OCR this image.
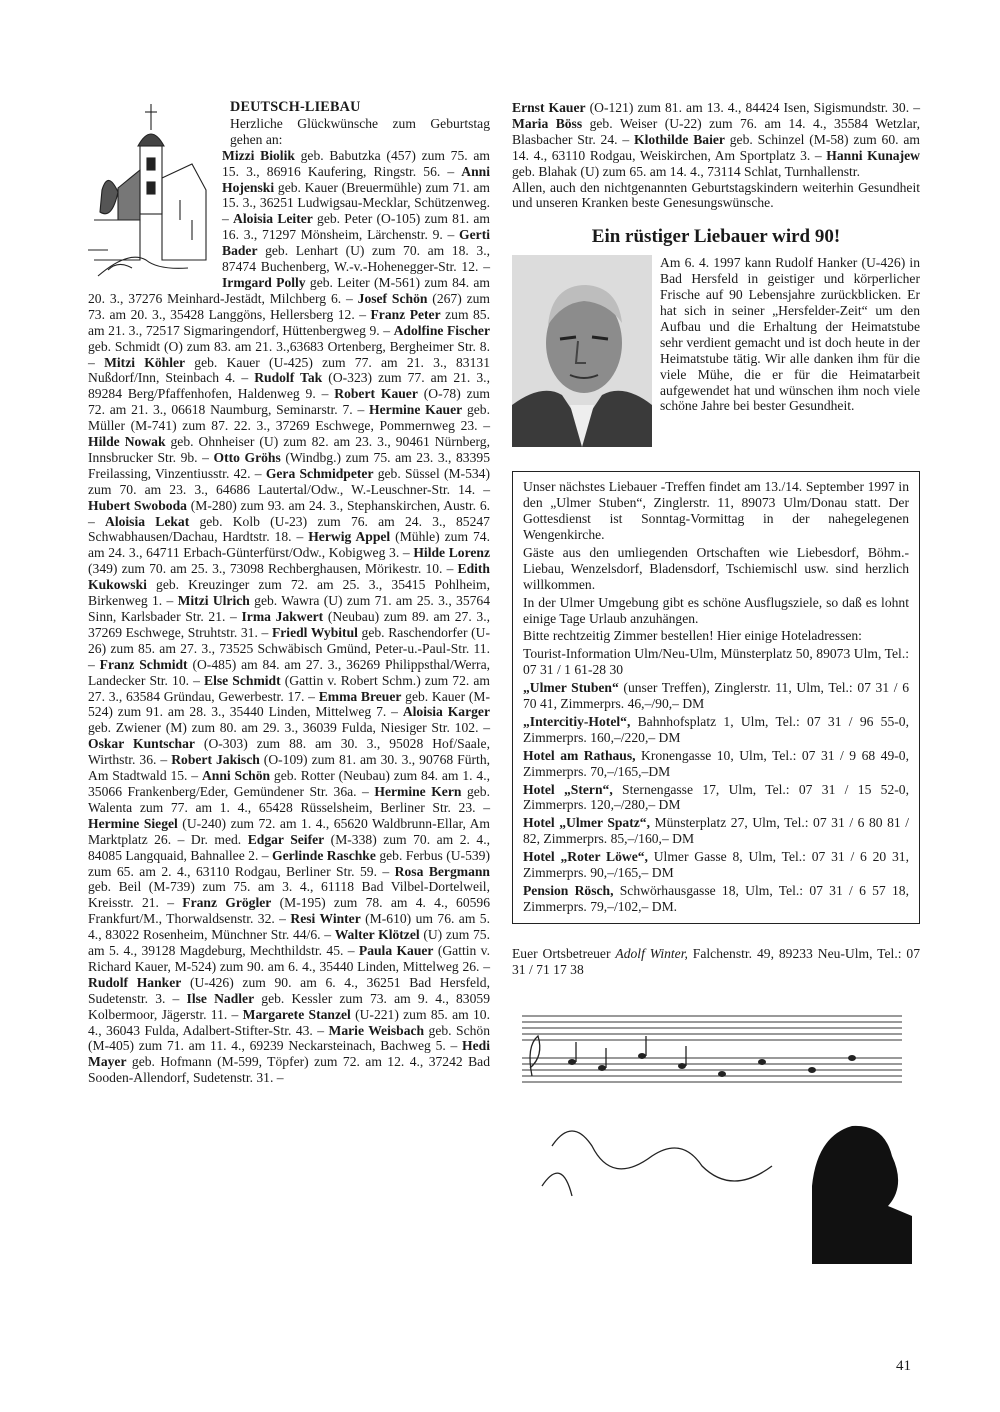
DEUTSCH-LIEBAU

Herzliche Glückwünsche zum Geburtstag gehen an:

Mizzi Biolik geb. Babutzka (457) zum 75. am 15. 3., 86916 Kaufering, Ringstr. 56. – Anni Hojenski geb. Kauer (Breuermühle) zum 71. am 15. 3., 36251 Ludwigsau-Mecklar, Schützenweg. – Aloisia Leiter geb. Peter (O-105) zum 81. am 16. 3., 71297 Mönsheim, Lärchenstr. 9. – Gerti Bader geb. Lenhart (U) zum 70. am 18. 3., 87474 Buchenberg, W.-v.-Hohenegger-Str. 12. – Irmgard Polly geb. Leiter (M-561) zum 84. am 20. 3., 37276 Meinhard-Jestädt, Milchberg 6. – Josef Schön (267) zum 73. am 20. 3., 35428 Langgöns, Hellersberg 12. – Franz Peter zum 85. am 21. 3., 72517 Sigmaringendorf, Hüttenbergweg 9. – Adolfine Fischer geb. Schmidt (O) zum 83. am 21. 3.,63683 Ortenberg, Bergheimer Str. 8. – Mitzi Köhler geb. Kauer (U-425) zum 77. am 21. 3., 83131 Nußdorf/Inn, Steinbach 4. – Rudolf Tak (O-323) zum 77. am 21. 3., 89284 Berg/Pfaffenhofen, Haldenweg 9. – Robert Kauer (O-78) zum 72. am 21. 3., 06618 Naumburg, Seminarstr. 7. – Hermine Kauer geb. Müller (M-741) zum 87. 22. 3., 37269 Eschwege, Pommernweg 23. – Hilde Nowak geb. Ohnheiser (U) zum 82. am 23. 3., 90461 Nürnberg, Innsbrucker Str. 9b. – Otto Gröhs (Windbg.) zum 75. am 23. 3., 83395 Freilassing, Vinzentiusstr. 42. – Gera Schmidpeter geb. Süssel (M-534) zum 70. am 23. 3., 64686 Lautertal/Odw., W.-Leuschner-Str. 14. – Hubert Swoboda (M-280) zum 93. am 24. 3., Stephanskirchen, Austr. 6. – Aloisia Lekat geb. Kolb (U-23) zum 76. am 24. 3., 85247 Schwabhausen/Dachau, Hardtstr. 18. – Herwig Appel (Mühle) zum 74. am 24. 3., 64711 Erbach-Günterfürst/Odw., Kobigweg 3. – Hilde Lorenz (349) zum 70. am 25. 3., 73098 Rechberghausen, Mörikestr. 10. – Edith Kukowski geb. Kreuzinger zum 72. am 25. 3., 35415 Pohlheim, Birkenweg 1. – Mitzi Ulrich geb. Wawra (U) zum 71. am 25. 3., 35764 Sinn, Karlsbader Str. 21. – Irma Jakwert (Neubau) zum 89. am 27. 3., 37269 Eschwege, Struhtstr. 31. – Friedl Wybitul geb. Raschendorfer (U-26) zum 85. am 27. 3., 73525 Schwäbisch Gmünd, Peter-u.-Paul-Str. 11. – Franz Schmidt (O-485) am 84. am 27. 3., 36269 Philippsthal/Werra, Landecker Str. 10. – Else Schmidt (Gattin v. Robert Schm.) zum 72. am 27. 3., 63584 Gründau, Gewerbestr. 17. – Emma Breuer geb. Kauer (M-524) zum 91. am 28. 3., 35440 Linden, Mittelweg 7. – Aloisia Karger geb. Zwiener (M) zum 80. am 29. 3., 36039 Fulda, Niesiger Str. 102. – Oskar Kuntschar (O-303) zum 88. am 30. 3., 95028 Hof/Saale, Wirthstr. 36. – Robert Jakisch (O-109) zum 81. am 30. 3., 90768 Fürth, Am Stadtwald 15. – Anni Schön geb. Rotter (Neubau) zum 84. am 1. 4., 35066 Frankenberg/Eder, Gemündener Str. 36a. – Hermine Kern geb. Walenta zum 77. am 1. 4., 65428 Rüsselsheim, Berliner Str. 23. – Hermine Siegel (U-240) zum 72. am 1. 4., 65620 Waldbrunn-Ellar, Am Marktplatz 26. – Dr. med. Edgar Seifer (M-338) zum 70. am 2. 4., 84085 Langquaid, Bahnallee 2. – Gerlinde Raschke geb. Ferbus (U-539) zum 65. am 2. 4., 63110 Rodgau, Berliner Str. 59. – Rosa Bergmann geb. Beil (M-739) zum 75. am 3. 4., 61118 Bad Vilbel-Dortelweil, Kreisstr. 21. – Franz Grögler (M-195) zum 78. am 4. 4., 60596 Frankfurt/M., Thorwaldsenstr. 32. – Resi Winter (M-610) um 76. am 5. 4., 83022 Rosenheim, Münchner Str. 44/6. – Walter Klötzel (U) zum 75. am 5. 4., 39128 Magdeburg, Mechthildstr. 45. – Paula Kauer (Gattin v. Richard Kauer, M-524) zum 90. am 6. 4., 35440 Linden, Mittelweg 26. – Rudolf Hanker (U-426) zum 90. am 6. 4., 36251 Bad Hersfeld, Sudetenstr. 3. – Ilse Nadler geb. Kessler zum 73. am 9. 4., 83059 Kolbermoor, Jägerstr. 11. – Margarete Stanzel (U-221) zum 85. am 10. 4., 36043 Fulda, Adalbert-Stifter-Str. 43. – Marie Weisbach geb. Schön (M-405) zum 71. am 11. 4., 69239 Neckarsteinach, Bachweg 5. – Hedi Mayer geb. Hofmann (M-599, Töpfer) zum 72. am 12. 4., 37242 Bad Sooden-Allendorf, Sudetenstr. 31. –

Ernst Kauer (O-121) zum 81. am 13. 4., 84424 Isen, Sigismundstr. 30. – Maria Böss geb. Weiser (U-22) zum 76. am 14. 4., 35584 Wetzlar, Blasbacher Str. 24. – Klothilde Baier geb. Schinzel (M-58) zum 60. am 14. 4., 63110 Rodgau, Weiskirchen, Am Sportplatz 3. – Hanni Kunajew geb. Blahak (U) zum 65. am 14. 4., 73114 Schlat, Turnhallenstr.

Allen, auch den nichtgenannten Geburtstagskindern weiterhin Gesundheit und unseren Kranken beste Genesungswünsche.

Ein rüstiger Liebauer wird 90!

Am 6. 4. 1997 kann Rudolf Hanker (U-426) in Bad Hersfeld in geistiger und körperlicher Frische auf 90 Lebensjahre zurückblicken. Er hat sich in seiner „Hersfelder-Zeit“ um den Aufbau und die Erhaltung der Heimatstube sehr verdient gemacht und ist doch heute in der Heimatstube tätig. Wir alle danken ihm für die viele Mühe, die er für die Heimatarbeit aufgewendet hat und wünschen ihm noch viele schöne Jahre bei bester Gesundheit.

Unser nächstes Liebauer -Treffen findet am 13./14. September 1997 in den „Ulmer Stuben“, Zinglerstr. 11, 89073 Ulm/Donau statt. Der Gottesdienst ist Sonntag-Vormittag in der nahegelegenen Wengenkirche.

Gäste aus den umliegenden Ortschaften wie Liebesdorf, Böhm.-Liebau, Wenzelsdorf, Bladensdorf, Tschiemischl usw. sind herzlich willkommen.

In der Ulmer Umgebung gibt es schöne Ausflugsziele, so daß es lohnt einige Tage Urlaub anzuhängen.

Bitte rechtzeitig Zimmer bestellen! Hier einige Hoteladressen:

Tourist-Information Ulm/Neu-Ulm, Münsterplatz 50, 89073 Ulm, Tel.: 07 31 / 1 61-28 30

„Ulmer Stuben“ (unser Treffen), Zinglerstr. 11, Ulm, Tel.: 07 31 / 6 70 41, Zimmerprs. 46,–/90,– DM

„Intercitiy-Hotel“, Bahnhofsplatz 1, Ulm, Tel.: 07 31 / 96 55-0, Zimmerprs. 160,–/220,– DM

Hotel am Rathaus, Kronengasse 10, Ulm, Tel.: 07 31 / 9 68 49-0, Zimmerprs. 70,–/165,–DM

Hotel „Stern“, Sternengasse 17, Ulm, Tel.: 07 31 / 15 52-0, Zimmerprs. 120,–/280,– DM

Hotel „Ulmer Spatz“, Münsterplatz 27, Ulm, Tel.: 07 31 / 6 80 81 / 82, Zimmerprs. 85,–/160,– DM

Hotel „Roter Löwe“, Ulmer Gasse 8, Ulm, Tel.: 07 31 / 6 20 31, Zimmerprs. 90,–/165,– DM

Pension Rösch, Schwörhausgasse 18, Ulm, Tel.: 07 31 / 6 57 18, Zimmerprs. 79,–/102,– DM.

Euer Ortsbetreuer Adolf Winter, Falchenstr. 49, 89233 Neu-Ulm, Tel.: 07 31 / 71 17 38

41
